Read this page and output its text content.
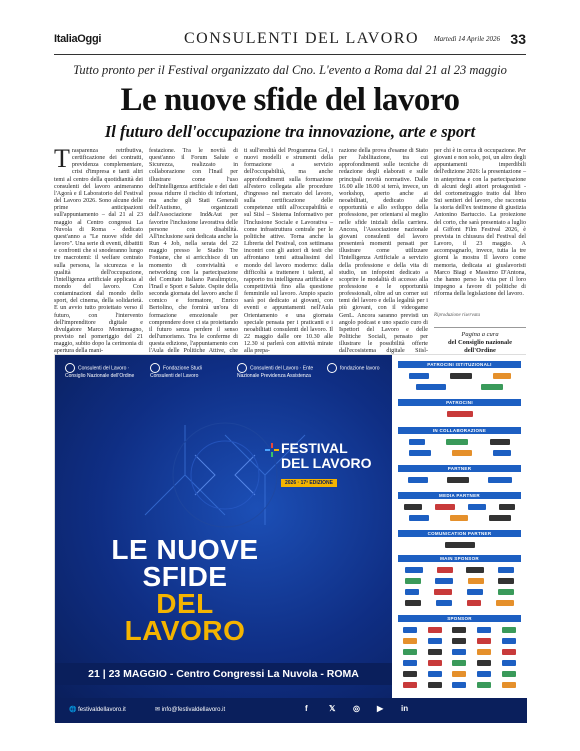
ItaliaOggi	CONSULENTI DEL LAVORO Martedì 14 Aprile 2026 33
Tutto pronto per il Festival organizzato dal Cno. L'evento a Roma dal 21 al 23 maggio
Le nuove sfide del lavoro
Il futuro dell'occupazione tra innovazione, arte e sport
Trasparenza retributiva, certificazione dei contratti, previdenza complementare, crisi d'impresa e tanti altri temi al centro della quotidianità dei consulenti del lavoro animeranno l'Agorà e il Laboratorio del Festival del Lavoro 2026. Sono alcune delle prime anticipazioni sull'appuntamento – dal 21 al 23 maggio al Centro congressi La Nuvola di Roma - dedicato quest'anno a "Le nuove sfide del lavoro". Una serie di eventi, dibattiti e confronti che si snoderanno lungo tre macrotemi: il welfare centrato sulla persona, la sicurezza e la qualità dell'occupazione, l'intelligenza artificiale applicata al mondo del lavoro. Con contaminazioni dal mondo dello sport, del cinema, della solidarietà. E un avvio tutto proiettato verso il futuro, con l'intervento dell'imprenditore digitale e divulgatore Marco Montemagno, previsto nel pomeriggio del 21 maggio, subito dopo la cerimonia di apertura della mani-
festazione. Tra le novità di quest'anno il Forum Salute e Sicurezza, realizzato in collaborazione con l'Inail per illustrare come l'uso dell'intelligenza artificiale e dei dati possa ridurre il rischio di infortuni, ma anche gli Stati Generali dell'Autismo, organizzati dall'Associazione Ind&Aut per favorire l'inclusione lavorativa delle persone con disabilità. All'inclusione sarà dedicata anche la Run 4 Job, nella serata del 22 maggio presso le Stadio Tre Fontane, che si arricchisce di un momento di convivialità e networking con la partecipazione del Comitato Italiano Paralimpico, l'Inail e Sport e Salute. Ospite della seconda giornata del lavoro anche il comico e formatore, Enrico Bertolino, che fornirà un'ora di formazione emozionale per comprendere dove ci sta proiettando il futuro senza perdere il senso dell'umorismo. Tra le conferme di questa edizione, l'appuntamento con l'Aula delle Politiche Attive, che
ti sull'eredità del Programma Gol, i nuovi modelli e strumenti della formazione a servizio dell'occupabilità, ma anche approfondimenti sulla formazione all'estero collegata alle procedure d'ingresso nel mercato del lavoro, sulla certificazione delle competenze utili all'occupabilità e sul Siisl – Sistema Informativo per l'Inclusione Sociale e Lavorativa – come infrastruttura centrale per le politiche attive. Torna anche la Libreria del Festival, con settimana incontri con gli autori di testi che affrontano temi attualissimi del mondo del lavoro moderno: dalla difficoltà a trattenere i talenti, al rapporto tra intelligenza artificiale e competitività fino alla questione femminile sul lavoro. Ampio spazio sarà poi dedicato ai giovani, con eventi e appuntamenti nell'Aula Orientamento e una giornata speciale pensata per i praticanti e i neoabilitati consulenti del lavoro. Il 22 maggio dalle ore 10.30 alle 12.30 si parlerà con attività mirate alla prepa-
razione della prova d'esame di Stato per l'abilitazione, tra cui approfondimenti sulle tecniche di redazione degli elaborati e sulle principali novità normative. Dalle 16.00 alle 18.00 si terrà, invece, un workshop, aperto anche ai neoabilitati, dedicato alle opportunità e allo sviluppo della professione, per orientarsi al meglio nelle sfide iniziali della carriera. Ancora, l'Associazione nazionale giovani consulenti del lavoro presenterà momenti pensati per illustrare come utilizzare l'Intelligenza Artificiale a servizio della professione e della vita di studio, un infopoint dedicato a scoprire le modalità di accesso alla professione e le opportunità professionali, oltre ad un corner sui temi del lavoro e della legalità per i più giovani, con il videogame GenL. Ancora saranno previsti un angolo podcast e uno spazio curo di Ispettori del Lavoro e delle Politiche Sociali, pensato per illustrare le possibilità offerte dall'ecosistema digitale Siisl-
per chi è in cerca di occupazione. Per giovani e non solo, poi, un altro degli appuntamenti imperdibili dell'edizione 2026: la presentazione – in anteprima e con la partecipazione di alcuni degli attori protagonisti - del cortometraggio tratto dal libro Sui sentieri del lavoro, che racconta la storia dell'ex testimone di giustizia Antonino Bartuccio. La proiezione del corto, che sarà presentato a luglio al Giffoni Film Festival 2026, è prevista in chiusura del Festival del Lavoro, il 23 maggio. A accompagnarlo, invece, tutta la tre giorni la mostra Il lavoro come memoria, dedicata ai giuslavoristi Marco Biagi e Massimo D'Antona, che hanno perso la vita per il loro impegno a favore di politiche di riforma della legislazione del lavoro.
Riproduzione riservata
Pagina a cura
del Consiglio nazionale dell'Ordine
Consulenti del Lavoro · Consiglio Nazionale dell'Ordine
Fondazione Studi Consulenti del Lavoro
Consulenti del Lavoro · Ente Nazionale Previdenza Assistenza
fondazione lavoro
FESTIVAL
DEL LAVORO
2026 · 17ª EDIZIONE
LE NUOVE
SFIDE
DEL
LAVORO
21 | 23 MAGGIO - Centro Congressi La Nuvola - ROMA
PATROCINI ISTITUZIONALI
PATROCINI
IN COLLABORAZIONE
PARTNER
MEDIA PARTNER
COMUNICATION PARTNER
MAIN SPONSOR
SPONSOR
🌐 festivaldellavoro.it	✉ info@festivaldellavoro.it	f	𝕏 ◎ ▶ in
